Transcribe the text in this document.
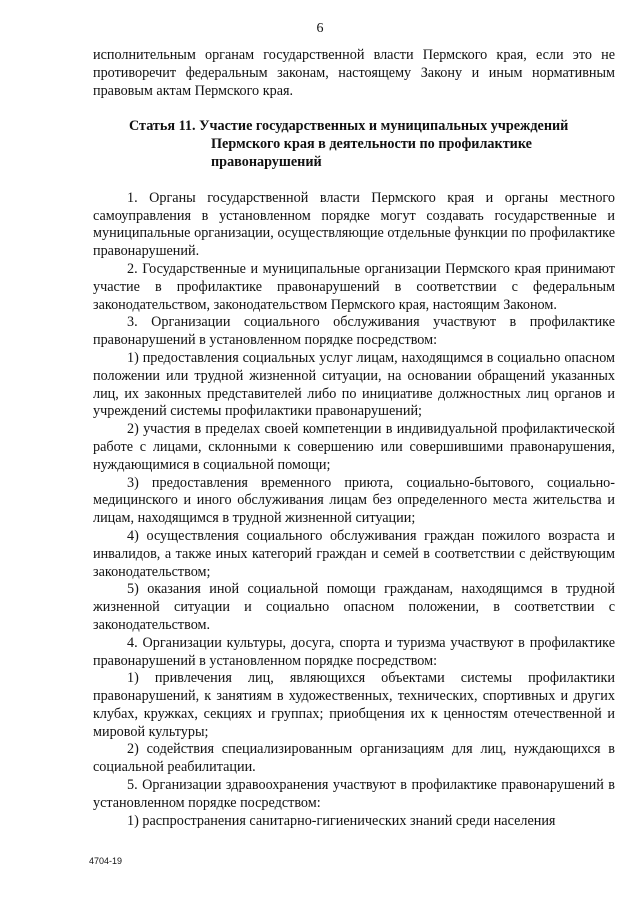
6

исполнительным органам государственной власти Пермского края, если это не противоречит федеральным законам, настоящему Закону и иным нормативным правовым актам Пермского края.

Статья 11. Участие государственных и муниципальных учреждений
Пермского края в деятельности по профилактике
правонарушений

1. Органы государственной власти Пермского края и органы местного самоуправления в установленном порядке могут создавать государственные и муниципальные организации, осуществляющие отдельные функции по профилактике правонарушений.

2. Государственные и муниципальные организации Пермского края принимают участие в профилактике правонарушений в соответствии с федеральным законодательством, законодательством Пермского края, настоящим Законом.

3. Организации социального обслуживания участвуют в профилактике правонарушений в установленном порядке посредством:

1) предоставления социальных услуг лицам, находящимся в социально опасном положении или трудной жизненной ситуации, на основании обращений указанных лиц, их законных представителей либо по инициативе должностных лиц органов и учреждений системы профилактики правонарушений;

2) участия в пределах своей компетенции в индивидуальной профилактической работе с лицами, склонными к совершению или совершившими правонарушения, нуждающимися в социальной помощи;

3) предоставления временного приюта, социально-бытового, социально-медицинского и иного обслуживания лицам без определенного места жительства и лицам, находящимся в трудной жизненной ситуации;

4) осуществления социального обслуживания граждан пожилого возраста и инвалидов, а также иных категорий граждан и семей в соответствии с действующим законодательством;

5) оказания иной социальной помощи гражданам, находящимся в трудной жизненной ситуации и социально опасном положении, в соответствии с законодательством.

4. Организации культуры, досуга, спорта и туризма участвуют в профилактике правонарушений в установленном порядке посредством:

1) привлечения лиц, являющихся объектами системы профилактики правонарушений, к занятиям в художественных, технических, спортивных и других клубах, кружках, секциях и группах; приобщения их к ценностям отечественной и мировой культуры;

2) содействия специализированным организациям для лиц, нуждающихся в социальной реабилитации.

5. Организации здравоохранения участвуют в профилактике правонарушений в установленном порядке посредством:

1) распространения санитарно-гигиенических знаний среди населения

4704-19
